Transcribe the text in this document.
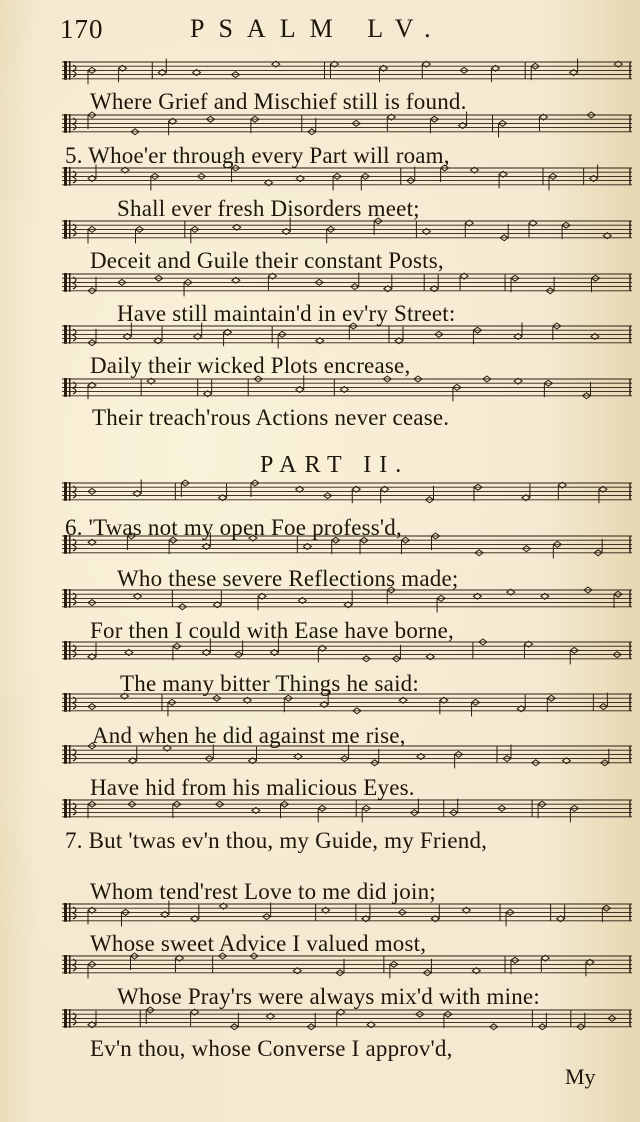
170	PSALM LV.
Where Grief and Mischief still is found.
5. Whoe'er through every Part will roam,
Shall ever fresh Disorders meet;
Deceit and Guile their constant Posts,
Have still maintain'd in ev'ry Street:
Daily their wicked Plots encrease,
Their treach'rous Actions never cease.
PART II.
6. 'Twas not my open Foe profess'd,
Who these severe Reflections made;
For then I could with Ease have borne,
The many bitter Things he said:
And when he did against me rise,
Have hid from his malicious Eyes.
7. But 'twas ev'n thou, my Guide, my Friend,
Whom tend'rest Love to me did join;
Whose sweet Advice I valued most,
Whose Pray'rs were always mix'd with mine:
Ev'n thou, whose Converse I approv'd,
My
